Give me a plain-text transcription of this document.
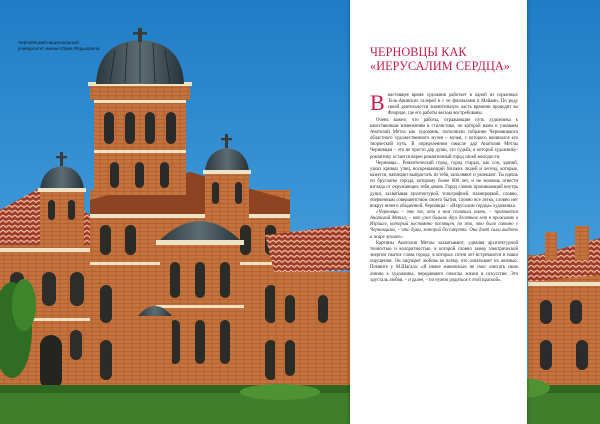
Черновецкий национальный университет имени Юрия Федьковича	ЧЕРНОВЦЫ КАК «ИЕРУСАЛИМ СЕРДЦА»

Внастоящее время художник работает в одной из серьезных Тель-Авивских галерей и с ее филиалами в Майами. По роду своей деятельности значительную часть времени проводит во Флориде, где его работы весьма востребованы.

Очень важно, что работы, отражающие путь художника к качественным изменениям в стилистике, по которой нами и узнаваем Анатолий Метла как художник, пополнили собрание Черновицкого областного художественного музея – музея, с которого начинался его творческий путь. В определенном смысле дар Анатолия Метлы Черновцам – это не просто дар души, это судьба, в которой художнику-романтику остается верен романтичный город своей молодости.

Черновцы... Романтический город, город старых, как сон, зданий, узких кривых улиц, воскрешающий близких людей и легенд, которые, кажется, начинают выпрастать из тебя, заполняют и увлекают. Ты идешь по брусчатке города, которому более 600 лет, и не можешь отвести взгляда от окружающих тебя домов. Город словно проникающий внутрь души, захватывая архитектурой, топографией, планировкой, словно, очерченным совершенством своего бытия, словно все легко, словно нет вокруг ничего обыденной. Черновцы – «Иерусалим сердца» художника.

«Черновцы – это то, что в нем сплавили земно, – признается Анатолий Метла, – вот уже больше двух десятков лет я проживаю в Израиле, который постоянно посвящен, по это, что было связано с Черновцами, – что дума, которой бессмертна. Она дает силы выдото и жаре лучшее».

Картины Анатолия Метлы захватывают, удивляя архитектурной точностью и колоритностью, в которой словно замер электрической энергии сжатое слова города, в которых сотни лет встречаются и наши ощущения. Он ощущает любовь ко всему, что охватывает их жизнью. Помните у М.Шагала: «Я иначе живописью не смог описать свою линию к художника, передавшего смыслы жизни в искусстве; Это хрусталь любви, – и далее, – по нужно родиться с этой краской».
